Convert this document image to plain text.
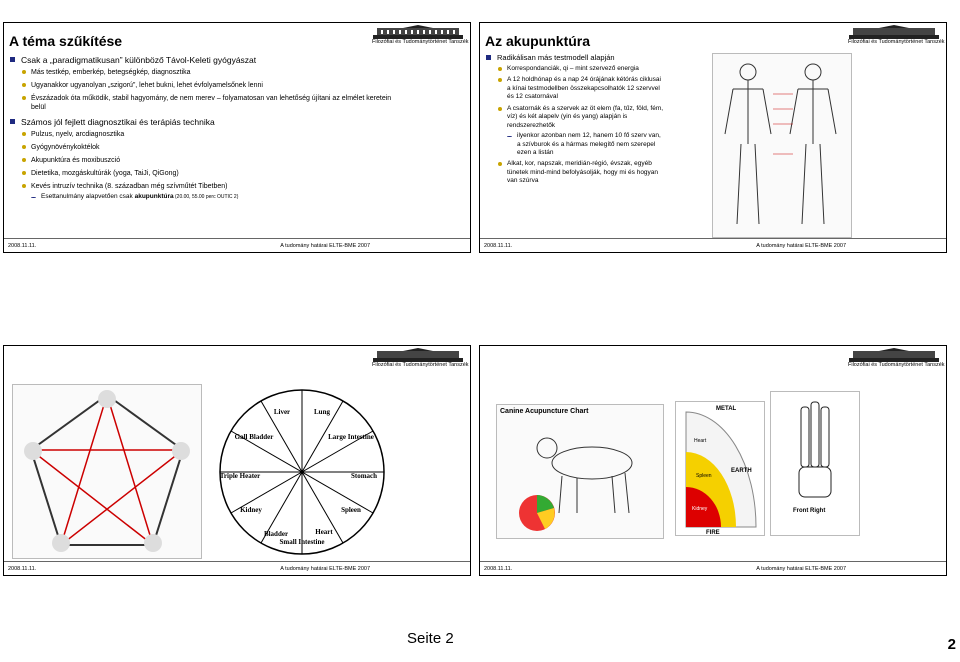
Filozófiai és Tudománytörténet Tanszék
A téma szűkítése
Csak a „paradigmatikusan” különböző Távol-Keleti gyógyászat
Más testkép, emberkép, betegségkép, diagnosztika
Ugyanakkor ugyanolyan „szigorú”, lehet bukni, lehet évfolyamelsőnek lenni
Évszázadok óta működik, stabil hagyomány, de nem merev – folyamatosan van lehetőség újítani az elmélet keretein belül
Számos jól fejlett diagnosztikai és terápiás technika
Pulzus, nyelv, arcdiagnosztika
Gyógynövénykoktélok
Akupunktúra és moxibuszció
Dietetika, mozgáskultúrák (yoga, TaiJi, QiGong)
Kevés intruzív technika (8. században még szívműtét Tibetben)
Esettanulmány alapvetően csak akupunktúra (20.00, 55.00 perc OUTIC 2)
2008.11.11.	A tudomány határai ELTE-BME 2007
Filozófiai és Tudománytörténet Tanszék
Az akupunktúra
Radikálisan más testmodell alapján
Korrespondanciák, qi – mint szervező energia
A 12 holdhónap és a nap 24 órájának kétórás ciklusai a kínai testmodellben összekapcsolhatók 12 szervvel és 12 csatornával
A csatornák és a szervek az öt elem (fa, tűz, föld, fém, víz) és két alapelv (yin és yang) alapján is rendszerezhetők
ilyenkor azonban nem 12, hanem 10 fő szerv van, a szívburok és a hármas melegítő nem szerepel ezen a listán
Alkat, kor, napszak, meridián-régió, évszak, egyéb tünetek mind-mind befolyásolják, hogy mi és hogyan van szúrva
2008.11.11.	A tudomány határai ELTE-BME 2007
Filozófiai és Tudománytörténet Tanszék
Liver	Lung
Large Intestine
Stomach
Spleen
Heart
Small Intestine
Bladder
Kidney
Triple Heater
Gall Bladder
2008.11.11.	A tudomány határai ELTE-BME 2007
Filozófiai és Tudománytörténet Tanszék
Canine Acupuncture Chart	METAL
EARTH
FIRE
Heart
Spleen
Kidney	Front Right
2008.11.11.	A tudomány határai ELTE-BME 2007
Seite 2	2
